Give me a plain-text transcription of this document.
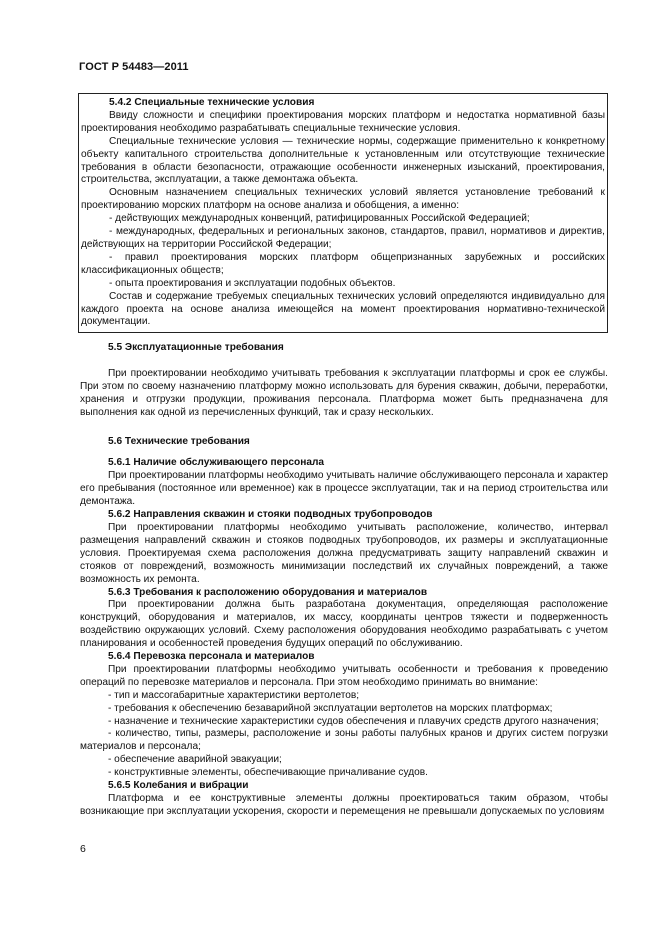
ГОСТ Р 54483—2011
5.4.2 Специальные технические условия

Ввиду сложности и специфики проектирования морских платформ и недостатка нормативной базы проектирования необходимо разрабатывать специальные технические условия.

Специальные технические условия — технические нормы, содержащие применительно к конкретному объекту капитального строительства дополнительные к установленным или отсутствующие технические требования в области безопасности, отражающие особенности инженерных изысканий, проектирования, строительства, эксплуатации, а также демонтажа объекта.

Основным назначением специальных технических условий является установление требований к проектированию морских платформ на основе анализа и обобщения, а именно:

- действующих международных конвенций, ратифицированных Российской Федерацией;

- международных, федеральных и региональных законов, стандартов, правил, нормативов и директив, действующих на территории Российской Федерации;

- правил проектирования морских платформ общепризнанных зарубежных и российских классификационных обществ;

- опыта проектирования и эксплуатации подобных объектов.

Состав и содержание требуемых специальных технических условий определяются индивидуально для каждого проекта на основе анализа имеющейся на момент проектирования нормативно-технической документации.

5.5 Эксплуатационные требования

При проектировании необходимо учитывать требования к эксплуатации платформы и срок ее службы. При этом по своему назначению платформу можно использовать для бурения скважин, добычи, переработки, хранения и отгрузки продукции, проживания персонала. Платформа может быть предназначена для выполнения как одной из перечисленных функций, так и сразу нескольких.

5.6 Технические требования
5.6.1 Наличие обслуживающего персонала

При проектировании платформы необходимо учитывать наличие обслуживающего персонала и характер его пребывания (постоянное или временное) как в процессе эксплуатации, так и на период строительства или демонтажа.

5.6.2 Направления скважин и стояки подводных трубопроводов

При проектировании платформы необходимо учитывать расположение, количество, интервал размещения направлений скважин и стояков подводных трубопроводов, их размеры и эксплуатационные условия. Проектируемая схема расположения должна предусматривать защиту направлений скважин и стояков от повреждений, возможность минимизации последствий их случайных повреждений, а также возможность их ремонта.

5.6.3 Требования к расположению оборудования и материалов

При проектировании должна быть разработана документация, определяющая расположение конструкций, оборудования и материалов, их массу, координаты центров тяжести и подверженность воздействию окружающих условий. Схему расположения оборудования необходимо разрабатывать с учетом планирования и особенностей проведения будущих операций по обслуживанию.

5.6.4 Перевозка персонала и материалов

При проектировании платформы необходимо учитывать особенности и требования к проведению операций по перевозке материалов и персонала. При этом необходимо принимать во внимание:

- тип и массогабаритные характеристики вертолетов;

- требования к обеспечению безаварийной эксплуатации вертолетов на морских платформах;

- назначение и технические характеристики судов обеспечения и плавучих средств другого назначения;

- количество, типы, размеры, расположение и зоны работы палубных кранов и других систем погрузки материалов и персонала;

- обеспечение аварийной эвакуации;

- конструктивные элементы, обеспечивающие причаливание судов.

5.6.5 Колебания и вибрации

Платформа и ее конструктивные элементы должны проектироваться таким образом, чтобы возникающие при эксплуатации ускорения, скорости и перемещения не превышали допускаемых по условиям

6
